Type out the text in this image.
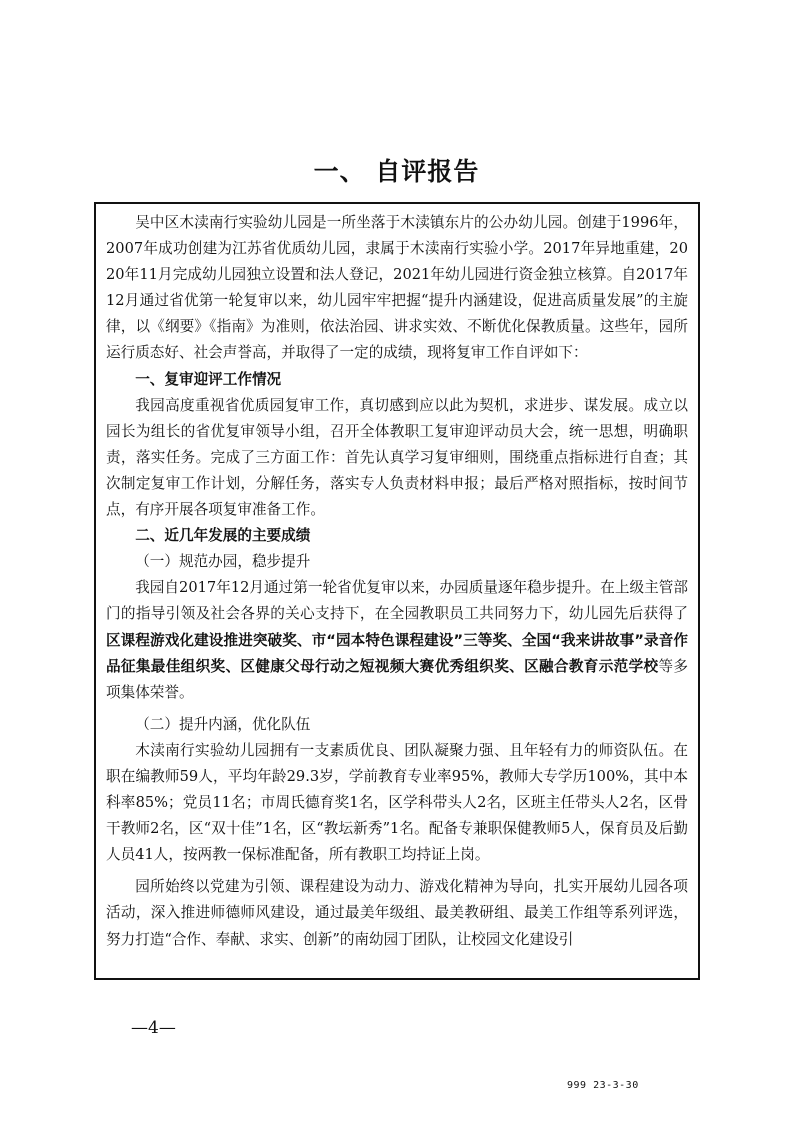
一、 自评报告

吴中区木渎南行实验幼儿园是一所坐落于木渎镇东片的公办幼儿园。创建于1996年，2007年成功创建为江苏省优质幼儿园，隶属于木渎南行实验小学。2017年异地重建，2020年11月完成幼儿园独立设置和法人登记，2021年幼儿园进行资金独立核算。自2017年12月通过省优第一轮复审以来，幼儿园牢牢把握“提升内涵建设，促进高质量发展”的主旋律，以《纲要》《指南》为准则，依法治园、讲求实效、不断优化保教质量。这些年，园所运行质态好、社会声誉高，并取得了一定的成绩，现将复审工作自评如下：

一、复审迎评工作情况

我园高度重视省优质园复审工作，真切感到应以此为契机，求进步、谋发展。成立以园长为组长的省优复审领导小组，召开全体教职工复审迎评动员大会，统一思想，明确职责，落实任务。完成了三方面工作：首先认真学习复审细则，围绕重点指标进行自查；其次制定复审工作计划，分解任务，落实专人负责材料申报；最后严格对照指标，按时间节点，有序开展各项复审准备工作。

二、近几年发展的主要成绩

（一）规范办园，稳步提升

我园自2017年12月通过第一轮省优复审以来，办园质量逐年稳步提升。在上级主管部门的指导引领及社会各界的关心支持下，在全园教职员工共同努力下，幼儿园先后获得了区课程游戏化建设推进突破奖、市“园本特色课程建设”三等奖、全国“我来讲故事”录音作品征集最佳组织奖、区健康父母行动之短视频大赛优秀组织奖、区融合教育示范学校等多项集体荣誉。

（二）提升内涵，优化队伍

木渎南行实验幼儿园拥有一支素质优良、团队凝聚力强、且年轻有力的师资队伍。在职在编教师59人，平均年龄29.3岁，学前教育专业率95%，教师大专学历100%，其中本科率85%；党员11名；市周氏德育奖1名，区学科带头人2名，区班主任带头人2名，区骨干教师2名，区“双十佳”1名，区“教坛新秀”1名。配备专兼职保健教师5人，保育员及后勤人员41人，按两教一保标准配备，所有教职工均持证上岗。

园所始终以党建为引领、课程建设为动力、游戏化精神为导向，扎实开展幼儿园各项活动，深入推进师德师风建设，通过最美年级组、最美教研组、最美工作组等系列评选，努力打造“合作、奉献、求实、创新”的南幼园丁团队，让校园文化建设引

—4—
999 23-3-30
